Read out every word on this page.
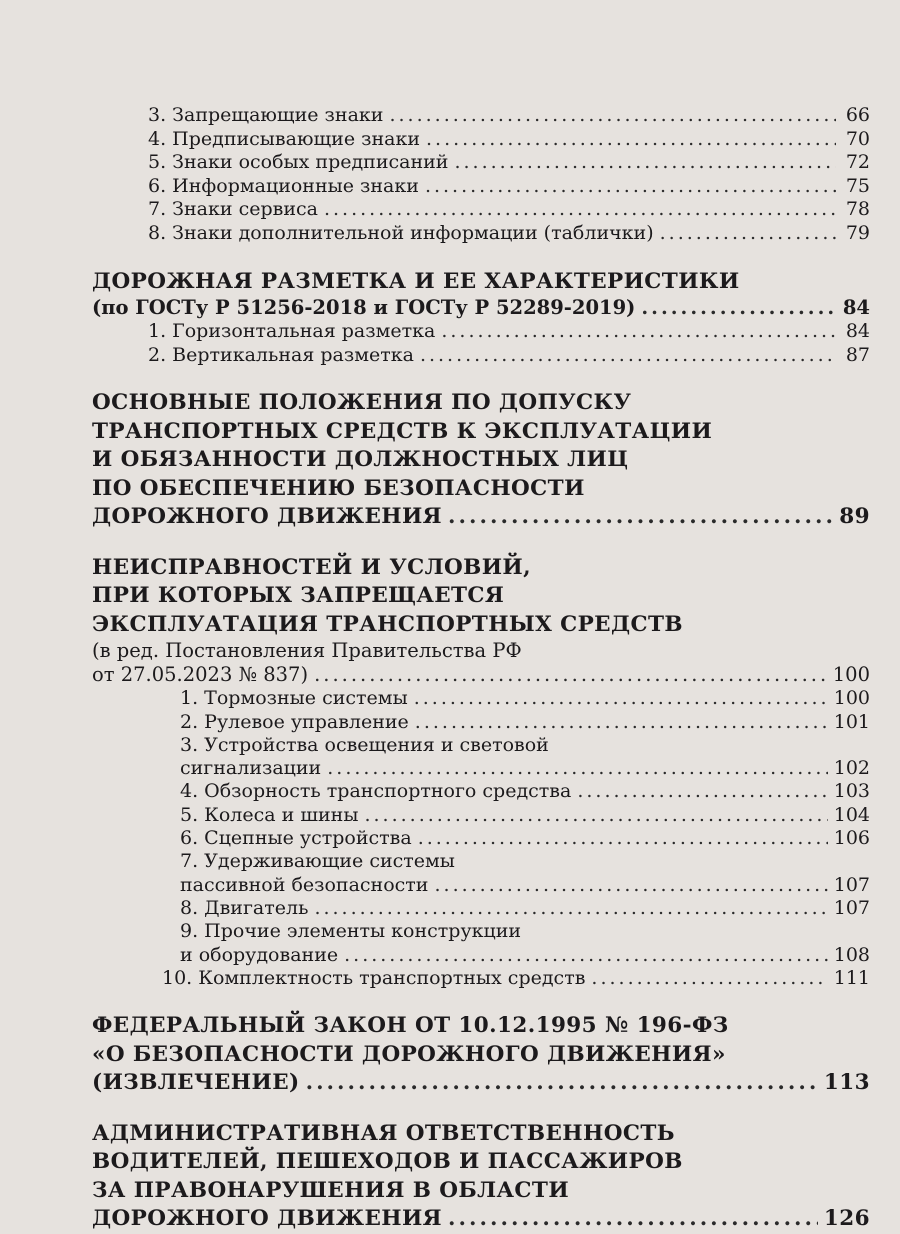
3. Запрещающие знаки .....	66
4. Предписывающие знаки .....	70
5. Знаки особых предписаний .....	72
6. Информационные знаки .....	75
7. Знаки сервиса .....	78
8. Знаки дополнительной информации (таблички) .....	79
ДОРОЖНАЯ РАЗМЕТКА И ЕЕ ХАРАКТЕРИСТИКИ
(по ГОСТу Р 51256-2018 и ГОСТу Р 52289-2019) .....	84
1. Горизонтальная разметка .....	84
2. Вертикальная разметка .....	87
ОСНОВНЫЕ ПОЛОЖЕНИЯ ПО ДОПУСКУ
ТРАНСПОРТНЫХ СРЕДСТВ К ЭКСПЛУАТАЦИИ
И ОБЯЗАННОСТИ ДОЛЖНОСТНЫХ ЛИЦ
ПО ОБЕСПЕЧЕНИЮ БЕЗОПАСНОСТИ
ДОРОЖНОГО ДВИЖЕНИЯ .....	89
НЕИСПРАВНОСТЕЙ И УСЛОВИЙ,
ПРИ КОТОРЫХ ЗАПРЕЩАЕТСЯ
ЭКСПЛУАТАЦИЯ ТРАНСПОРТНЫХ СРЕДСТВ
(в ред. Постановления Правительства РФ
от 27.05.2023 № 837) .....	100
1. Тормозные системы .....	100
2. Рулевое управление .....	101
3. Устройства освещения и световой
сигнализации .....	102
4. Обзорность транспортного средства .....	103
5. Колеса и шины .....	104
6. Сцепные устройства .....	106
7. Удерживающие системы
пассивной безопасности .....	107
8. Двигатель .....	107
9. Прочие элементы конструкции
и оборудование .....	108
10. Комплектность транспортных средств .....	111
ФЕДЕРАЛЬНЫЙ ЗАКОН ОТ 10.12.1995 № 196-ФЗ
«О БЕЗОПАСНОСТИ ДОРОЖНОГО ДВИЖЕНИЯ»
(ИЗВЛЕЧЕНИЕ) .....	113
АДМИНИСТРАТИВНАЯ ОТВЕТСТВЕННОСТЬ
ВОДИТЕЛЕЙ, ПЕШЕХОДОВ И ПАССАЖИРОВ
ЗА ПРАВОНАРУШЕНИЯ В ОБЛАСТИ
ДОРОЖНОГО ДВИЖЕНИЯ .....	126
